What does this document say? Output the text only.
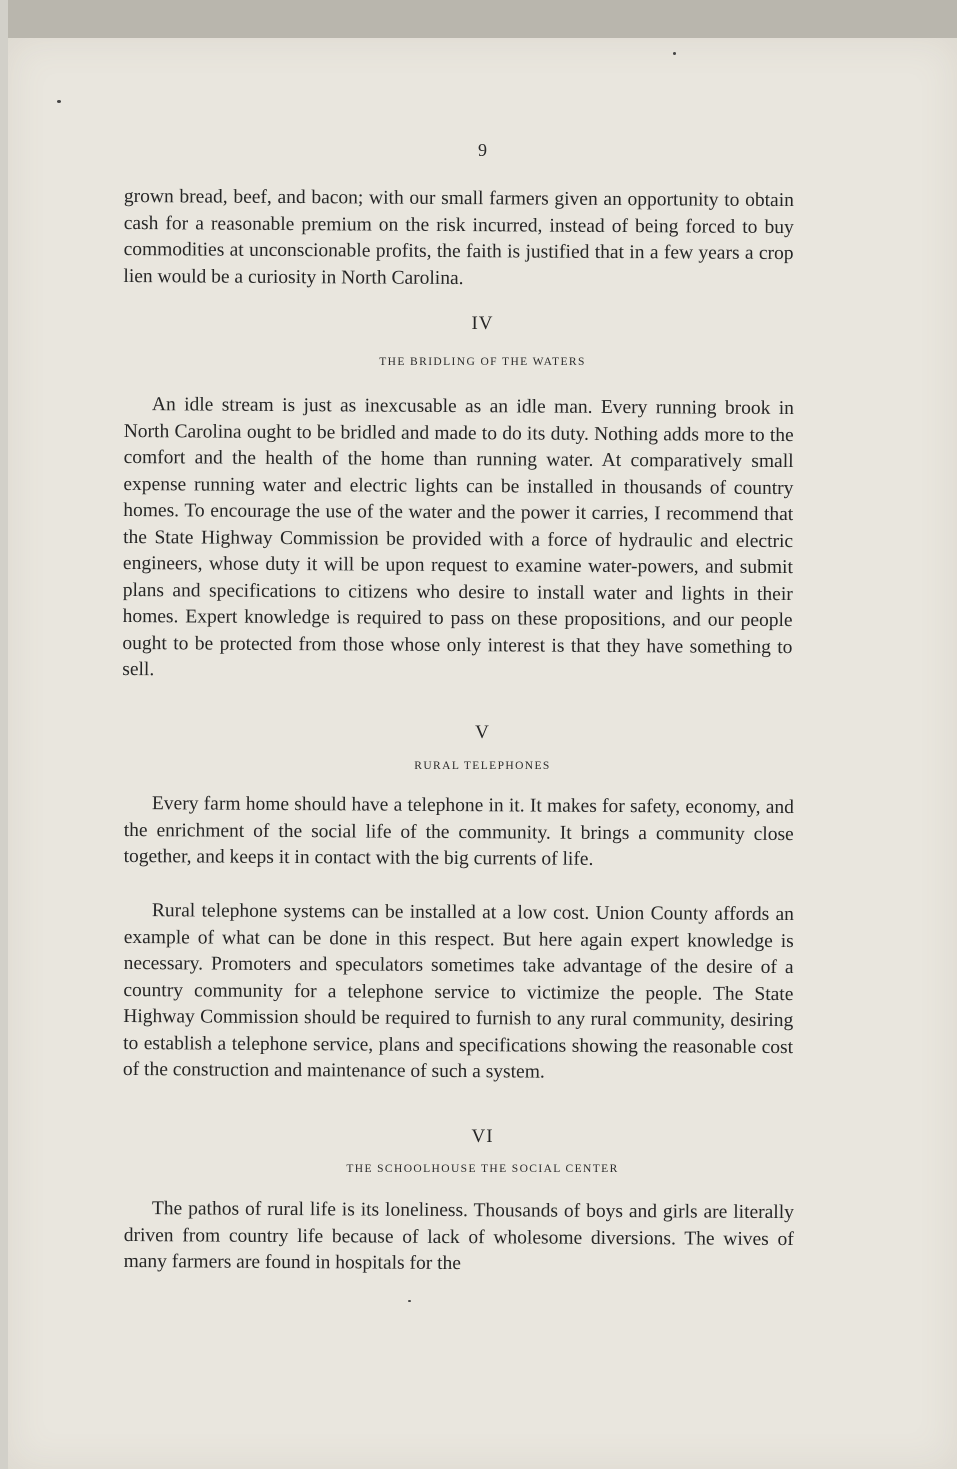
9

grown bread, beef, and bacon; with our small farmers given an opportunity to obtain cash for a reasonable premium on the risk incurred, instead of being forced to buy commodities at unconscionable profits, the faith is justified that in a few years a crop lien would be a curiosity in North Carolina.

IV
THE BRIDLING OF THE WATERS

An idle stream is just as inexcusable as an idle man. Every running brook in North Carolina ought to be bridled and made to do its duty. Nothing adds more to the comfort and the health of the home than running water. At comparatively small expense running water and electric lights can be installed in thousands of country homes. To encourage the use of the water and the power it carries, I recommend that the State Highway Commission be provided with a force of hydraulic and electric engineers, whose duty it will be upon request to examine water-powers, and submit plans and specifications to citizens who desire to install water and lights in their homes. Expert knowledge is required to pass on these propositions, and our people ought to be protected from those whose only interest is that they have something to sell.

V
RURAL TELEPHONES

Every farm home should have a telephone in it. It makes for safety, economy, and the enrichment of the social life of the community. It brings a community close together, and keeps it in contact with the big currents of life.

Rural telephone systems can be installed at a low cost. Union County affords an example of what can be done in this respect. But here again expert knowledge is necessary. Promoters and speculators sometimes take advantage of the desire of a country community for a telephone service to victimize the people. The State Highway Commission should be required to furnish to any rural community, desiring to establish a telephone service, plans and specifications showing the reasonable cost of the construction and maintenance of such a system.

VI
THE SCHOOLHOUSE THE SOCIAL CENTER

The pathos of rural life is its loneliness. Thousands of boys and girls are literally driven from country life because of lack of wholesome diversions. The wives of many farmers are found in hospitals for the
